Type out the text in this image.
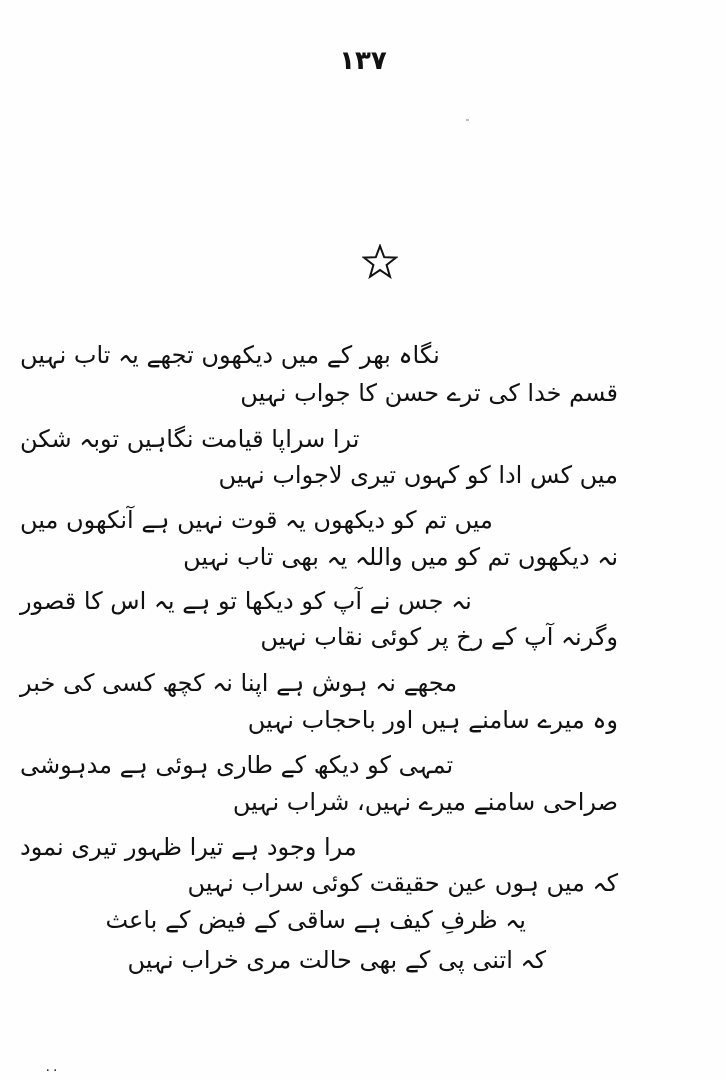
۱۳۷
نگاہ بھر کے میں دیکھوں تجھے یہ تاب نہیں
قسم خدا کی ترے حسن کا جواب نہیں
ترا سراپا قیامت نگاہیں توبہ شکن
میں کس ادا کو کہوں تیری لاجواب نہیں
میں تم کو دیکھوں یہ قوت نہیں ہے آنکھوں میں
نہ دیکھوں تم کو میں واللہ یہ بھی تاب نہیں
نہ جس نے آپ کو دیکھا تو ہے یہ اس کا قصور
وگرنہ آپ کے رخ پر کوئی نقاب نہیں
مجھے نہ ہوش ہے اپنا نہ کچھ کسی کی خبر
وہ میرے سامنے ہیں اور باحجاب نہیں
تمہی کو دیکھ کے طاری ہوئی ہے مدہوشی
صراحی سامنے میرے نہیں، شراب نہیں
مرا وجود ہے تیرا ظہور تیری نمود
کہ میں ہوں عین حقیقت کوئی سراب نہیں
یہ ظرفِ کیف ہے ساقی کے فیض کے باعث
کہ اتنی پی کے بھی حالت مری خراب نہیں
۰۰
